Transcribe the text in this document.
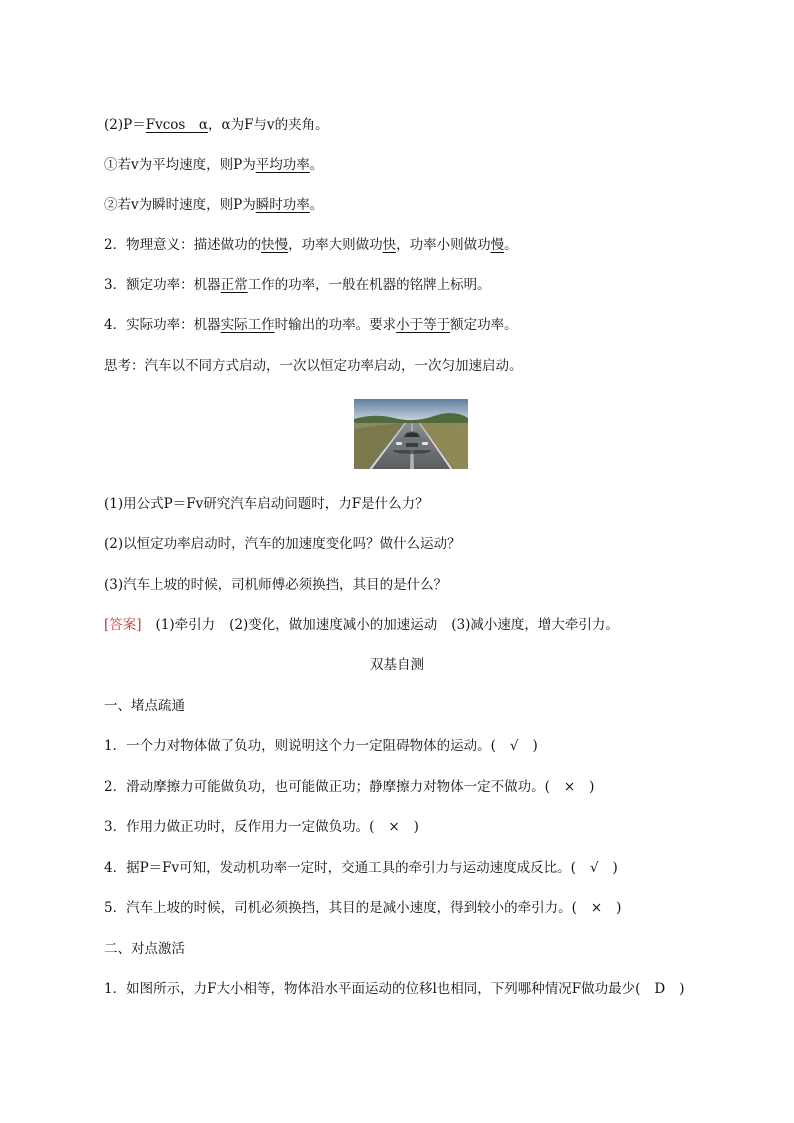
(2)P＝Fvcos　α，α为F与v的夹角。
①若v为平均速度，则P为平均功率。
②若v为瞬时速度，则P为瞬时功率。
2．物理意义：描述做功的快慢，功率大则做功快，功率小则做功慢。
3．额定功率：机器正常工作的功率，一般在机器的铭牌上标明。
4．实际功率：机器实际工作时输出的功率。要求小于等于额定功率。
思考：汽车以不同方式启动，一次以恒定功率启动，一次匀加速启动。
(1)用公式P＝Fv研究汽车启动问题时，力F是什么力？
(2)以恒定功率启动时，汽车的加速度变化吗？做什么运动？
(3)汽车上坡的时候，司机师傅必须换挡，其目的是什么？
[答案] (1)牵引力 (2)变化，做加速度减小的加速运动 (3)减小速度，增大牵引力。
双基自测
一、堵点疏通
1．一个力对物体做了负功，则说明这个力一定阻碍物体的运动。( √ )
2．滑动摩擦力可能做负功，也可能做正功；静摩擦力对物体一定不做功。( × )
3．作用力做正功时，反作用力一定做负功。( × )
4．据P＝Fv可知，发动机功率一定时，交通工具的牵引力与运动速度成反比。( √ )
5．汽车上坡的时候，司机必须换挡，其目的是减小速度，得到较小的牵引力。( × )
二、对点激活
1．如图所示，力F大小相等，物体沿水平面运动的位移l也相同，下列哪种情况F做功最少( D )
